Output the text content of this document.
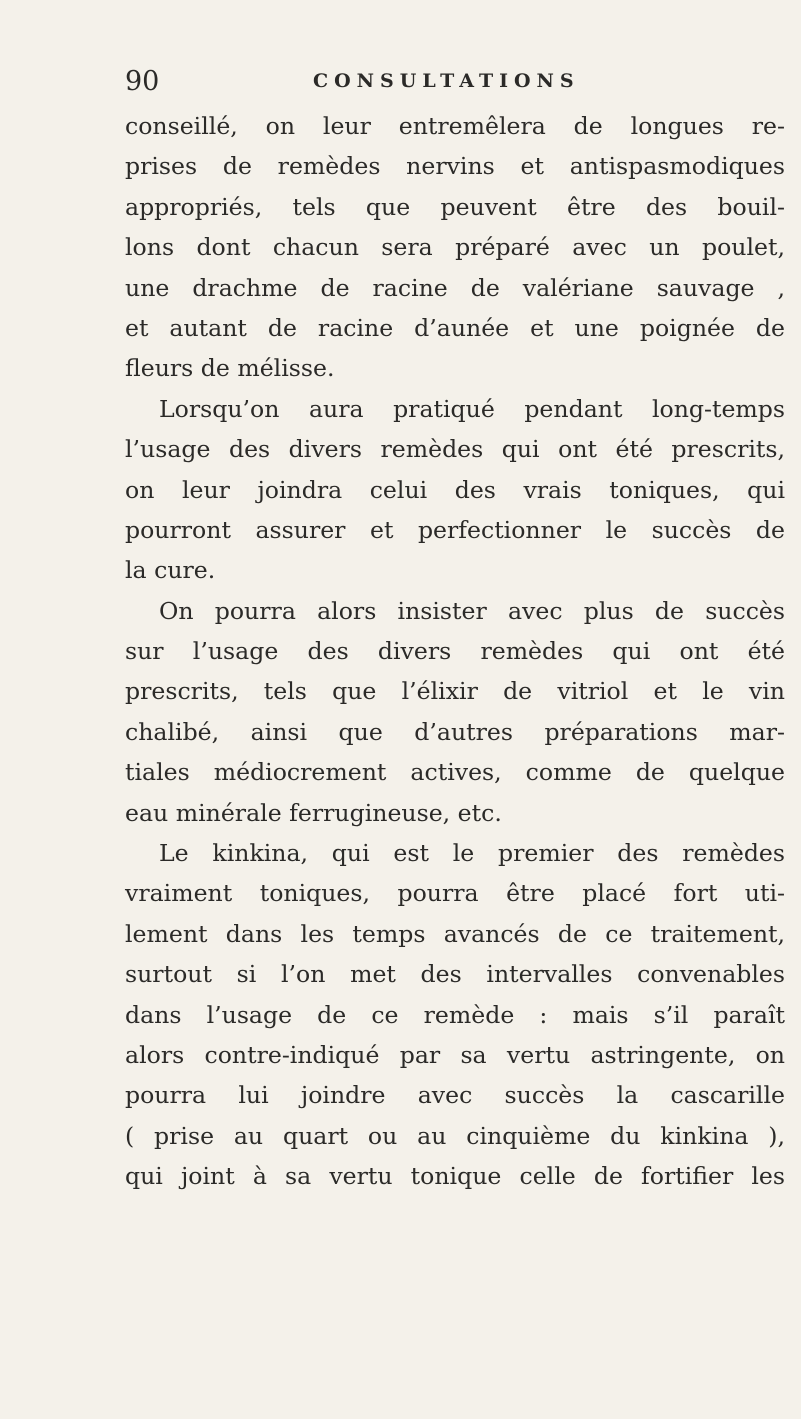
90	CONSULTATIONS
conseillé, on leur entremêlera de longues re-
prises de remèdes nervins et antispasmodiques
appropriés, tels que peuvent être des bouil-
lons dont chacun sera préparé avec un poulet,
une drachme de racine de valériane sauvage ,
et autant de racine d’aunée et une poignée de
fleurs de mélisse.
Lorsqu’on aura pratiqué pendant long-temps
l’usage des divers remèdes qui ont été prescrits,
on leur joindra celui des vrais toniques, qui
pourront assurer et perfectionner le succès de
la cure.
On pourra alors insister avec plus de succès
sur l’usage des divers remèdes qui ont été
prescrits, tels que l’élixir de vitriol et le vin
chalibé, ainsi que d’autres préparations mar-
tiales médiocrement actives, comme de quelque
eau minérale ferrugineuse, etc.
Le kinkina, qui est le premier des remèdes
vraiment toniques, pourra être placé fort uti-
lement dans les temps avancés de ce traitement,
surtout si l’on met des intervalles convenables
dans l’usage de ce remède : mais s’il paraît
alors contre-indiqué par sa vertu astringente, on
pourra lui joindre avec succès la cascarille
( prise au quart ou au cinquième du kinkina ),
qui joint à sa vertu tonique celle de fortifier les
